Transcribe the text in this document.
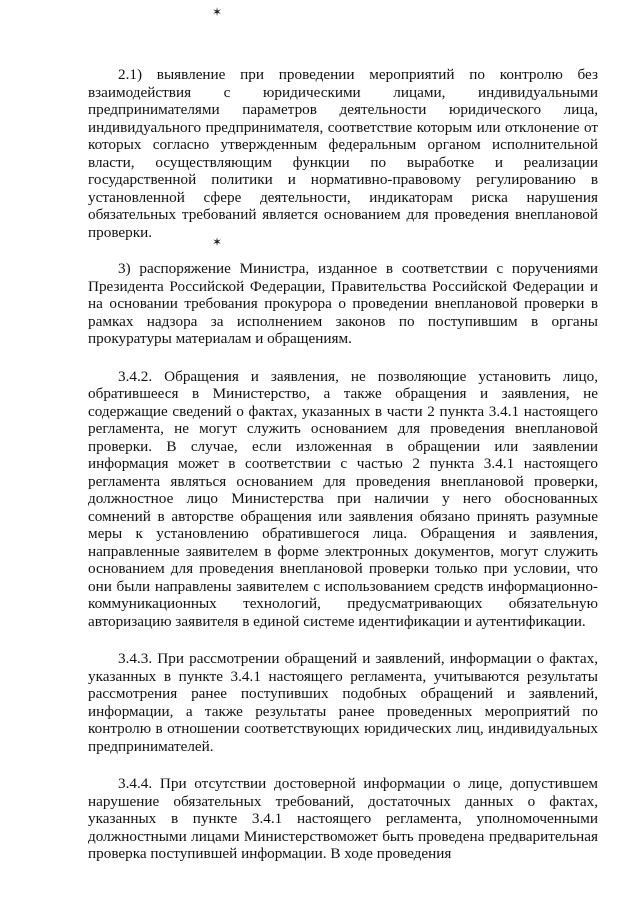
✶
✶

2.1) выявление при проведении мероприятий по контролю без взаимодействия с юридическими лицами, индивидуальными предпринимателями параметров деятельности юридического лица, индивидуального предпринимателя, соответствие которым или отклонение от которых согласно утвержденным федеральным органом исполнительной власти, осуществляющим функции по выработке и реализации государственной политики и нормативно-правовому регулированию в установленной сфере деятельности, индикаторам риска нарушения обязательных требований является основанием для проведения внеплановой проверки.

3) распоряжение Министра, изданное в соответствии с поручениями Президента Российской Федерации, Правительства Российской Федерации и на основании требования прокурора о проведении внеплановой проверки в рамках надзора за исполнением законов по поступившим в органы прокуратуры материалам и обращениям.

3.4.2. Обращения и заявления, не позволяющие установить лицо, обратившееся в Министерство, а также обращения и заявления, не содержащие сведений о фактах, указанных в части 2 пункта 3.4.1 настоящего регламента, не могут служить основанием для проведения внеплановой проверки. В случае, если изложенная в обращении или заявлении информация может в соответствии с частью 2 пункта 3.4.1 настоящего регламента являться основанием для проведения внеплановой проверки, должностное лицо Министерства при наличии у него обоснованных сомнений в авторстве обращения или заявления обязано принять разумные меры к установлению обратившегося лица. Обращения и заявления, направленные заявителем в форме электронных документов, могут служить основанием для проведения внеплановой проверки только при условии, что они были направлены заявителем с использованием средств информационно-коммуникационных технологий, предусматривающих обязательную авторизацию заявителя в единой системе идентификации и аутентификации.

3.4.3. При рассмотрении обращений и заявлений, информации о фактах, указанных в пункте 3.4.1 настоящего регламента, учитываются результаты рассмотрения ранее поступивших подобных обращений и заявлений, информации, а также результаты ранее проведенных мероприятий по контролю в отношении соответствующих юридических лиц, индивидуальных предпринимателей.

3.4.4. При отсутствии достоверной информации о лице, допустившем нарушение обязательных требований, достаточных данных о фактах, указанных в пункте 3.4.1 настоящего регламента, уполномоченными должностными лицами Министерствоможет быть проведена предварительная проверка поступившей информации. В ходе проведения
